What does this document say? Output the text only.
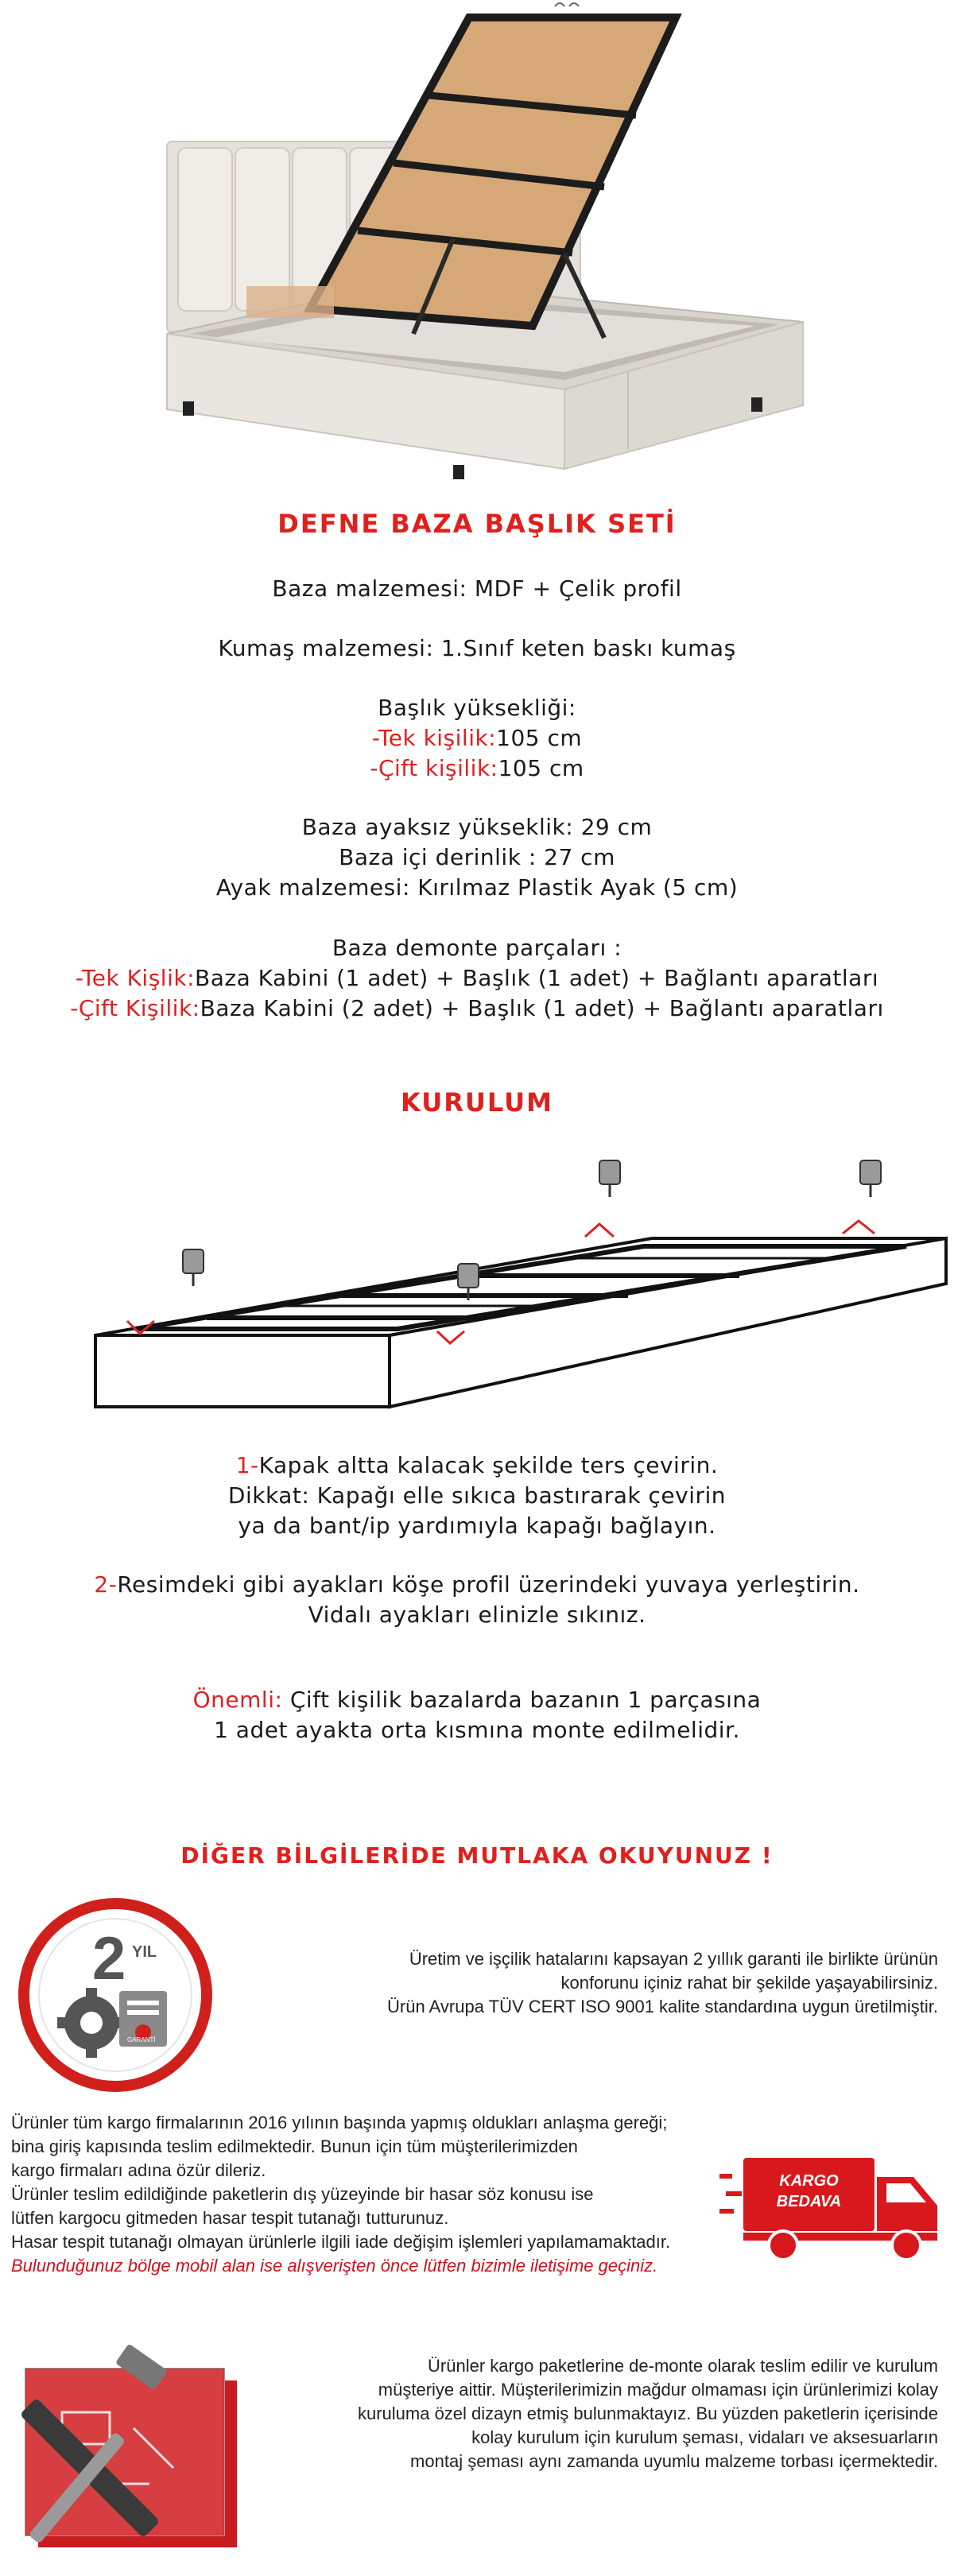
DEFNE BAZA BAŞLIK SETİ
Baza malzemesi: MDF + Çelik profil
Kumaş malzemesi: 1.Sınıf keten baskı kumaş
Başlık yüksekliği:
-Tek kişilik:105 cm
-Çift kişilik:105 cm
Baza ayaksız yükseklik: 29 cm
Baza içi derinlik : 27 cm
Ayak malzemesi: Kırılmaz Plastik Ayak (5 cm)
Baza demonte parçaları :
-Tek Kişlik:Baza Kabini (1 adet) + Başlık (1 adet) + Bağlantı aparatları
-Çift Kişilik:Baza Kabini (2 adet) + Başlık (1 adet) + Bağlantı aparatları
KURULUM
1-Kapak altta kalacak şekilde ters çevirin.
Dikkat: Kapağı elle sıkıca bastırarak çevirin
ya da bant/ip yardımıyla kapağı bağlayın.
2-Resimdeki gibi ayakları köşe profil üzerindeki yuvaya yerleştirin.
Vidalı ayakları elinizle sıkınız.
Önemli: Çift kişilik bazalarda bazanın 1 parçasına
1 adet ayakta orta kısmına monte edilmelidir.
DİĞER BİLGİLERİDE MUTLAKA OKUYUNUZ !
2 YIL
GARANTİ
Üretim ve işçilik hatalarını kapsayan 2 yıllık garanti ile birlikte ürünün
konforunu içiniz rahat bir şekilde yaşayabilirsiniz.
Ürün Avrupa TÜV CERT ISO 9001 kalite standardına uygun üretilmiştir.
Ürünler tüm kargo firmalarının 2016 yılının başında yapmış oldukları anlaşma gereği;
bina giriş kapısında teslim edilmektedir. Bunun için tüm müşterilerimizden
kargo firmaları adına özür dileriz.
Ürünler teslim edildiğinde paketlerin dış yüzeyinde bir hasar söz konusu ise
lütfen kargocu gitmeden hasar tespit tutanağı tutturunuz.
Hasar tespit tutanağı olmayan ürünlerle ilgili iade değişim işlemleri yapılamamaktadır.
Bulunduğunuz bölge mobil alan ise alışverişten önce lütfen bizimle iletişime geçiniz.
KARGO
BEDAVA
Ürünler kargo paketlerine de-monte olarak teslim edilir ve kurulum
müşteriye aittir. Müşterilerimizin mağdur olmaması için ürünlerimizi kolay
kuruluma özel dizayn etmiş bulunmaktayız. Bu yüzden paketlerin içerisinde
kolay kurulum için kurulum şeması, vidaları ve aksesuarların
montaj şeması aynı zamanda uyumlu malzeme torbası içermektedir.
